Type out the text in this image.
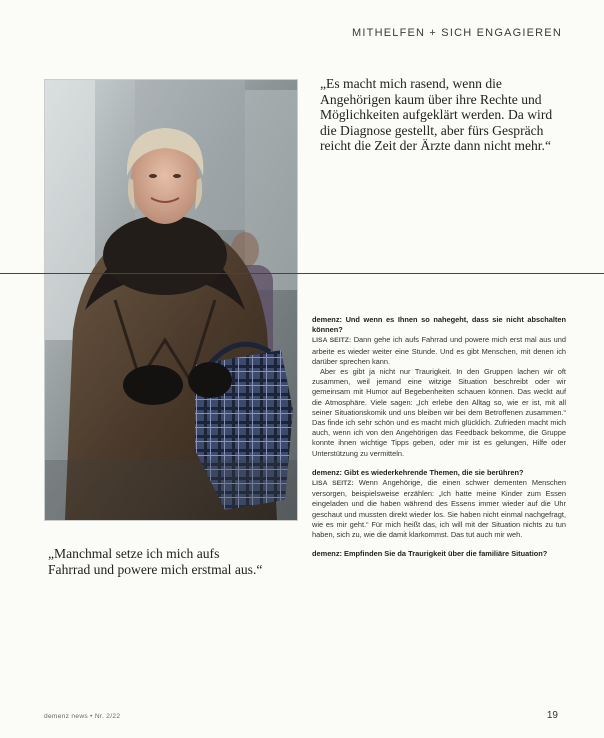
MITHELFEN + SICH ENGAGIEREN
„Es macht mich rasend, wenn die Angehörigen kaum über ihre Rechte und Möglichkeiten aufgeklärt werden. Da wird die Diagnose gestellt, aber fürs Gespräch reicht die Zeit der Ärzte dann nicht mehr.“

demenz: Und wenn es Ihnen so nahegeht, dass sie nicht abschalten können?

LISA SEITZ: Dann gehe ich aufs Fahrrad und powere mich erst mal aus und arbeite es wieder weiter eine Stunde. Und es gibt Menschen, mit denen ich darüber sprechen kann.

Aber es gibt ja nicht nur Traurigkeit. In den Gruppen lachen wir oft zusammen, weil jemand eine witzige Situation beschreibt oder wir gemeinsam mit Humor auf Begebenheiten schauen können. Das weckt auf die Atmosphäre. Viele sagen: „Ich erlebe den Alltag so, wie er ist, mit all seiner Situationskomik und uns bleiben wir bei dem Betroffenen zusammen.“ Das finde ich sehr schön und es macht mich glücklich. Zufrieden macht mich auch, wenn ich von den Angehörigen das Feedback bekomme, die Gruppe konnte ihnen wichtige Tipps geben, oder mir ist es gelungen, Hilfe oder Unterstützung zu vermitteln.

demenz: Gibt es wiederkehrende Themen, die sie berühren?

LISA SEITZ: Wenn Angehörige, die einen schwer dementen Menschen versorgen, beispielsweise erzählen: „Ich hatte meine Kinder zum Essen eingeladen und die haben während des Essens immer wieder auf die Uhr geschaut und mussten direkt wieder los. Sie haben nicht einmal nachgefragt, wie es mir geht.“ Für mich heißt das, ich will mit der Situation nichts zu tun haben, sich zu, wie die damit klarkommst. Das tut auch mir weh.

demenz: Empfinden Sie da Traurigkeit über die familiäre Situation?

„Manchmal setze ich mich aufs Fahrrad und powere mich erstmal aus.“
demenz news • Nr. 2/22	19
